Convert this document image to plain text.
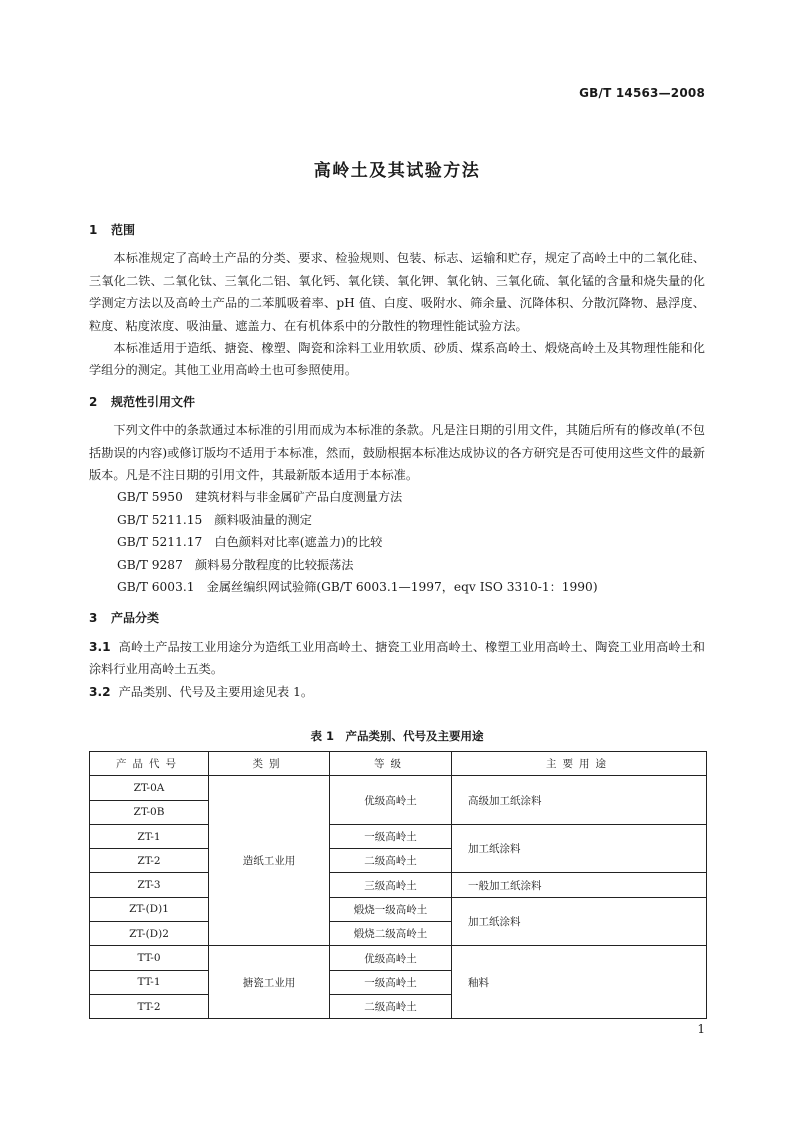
GB/T 14563—2008
高岭土及其试验方法
1 范围

本标准规定了高岭土产品的分类、要求、检验规则、包装、标志、运输和贮存，规定了高岭土中的二氧化硅、三氧化二铁、二氧化钛、三氧化二铝、氧化钙、氧化镁、氧化钾、氧化钠、三氧化硫、氧化锰的含量和烧失量的化学测定方法以及高岭土产品的二苯胍吸着率、pH 值、白度、吸附水、筛余量、沉降体积、分散沉降物、悬浮度、粒度、粘度浓度、吸油量、遮盖力、在有机体系中的分散性的物理性能试验方法。

本标准适用于造纸、搪瓷、橡塑、陶瓷和涂料工业用软质、砂质、煤系高岭土、煅烧高岭土及其物理性能和化学组分的测定。其他工业用高岭土也可参照使用。

2 规范性引用文件

下列文件中的条款通过本标准的引用而成为本标准的条款。凡是注日期的引用文件，其随后所有的修改单(不包括勘误的内容)或修订版均不适用于本标准，然而，鼓励根据本标准达成协议的各方研究是否可使用这些文件的最新版本。凡是不注日期的引用文件，其最新版本适用于本标准。

GB/T 5950　 建筑材料与非金属矿产品白度测量方法
GB/T 5211.15　 颜料吸油量的测定
GB/T 5211.17　 白色颜料对比率(遮盖力)的比较
GB/T 9287　 颜料易分散程度的比较振荡法
GB/T 6003.1　 金属丝编织网试验筛(GB/T 6003.1—1997，eqv ISO 3310-1：1990)
3 产品分类

3.1 高岭土产品按工业用途分为造纸工业用高岭土、搪瓷工业用高岭土、橡塑工业用高岭土、陶瓷工业用高岭土和涂料行业用高岭土五类。

3.2 产品类别、代号及主要用途见表 1。

表 1　产品类别、代号及主要用途
产品代号	类别	等级	主要用途
ZT-0A	造纸工业用	优级高岭土	高级加工纸涂料
ZT-0B			
ZT-1		一级高岭土	加工纸涂料
ZT-2		二级高岭土	
ZT-3		三级高岭土	一般加工纸涂料
ZT-(D)1		煅烧一级高岭土	加工纸涂料
ZT-(D)2		煅烧二级高岭土	
TT-0	搪瓷工业用	优级高岭土	釉料
TT-1		一级高岭土	
TT-2		二级高岭土	
1
